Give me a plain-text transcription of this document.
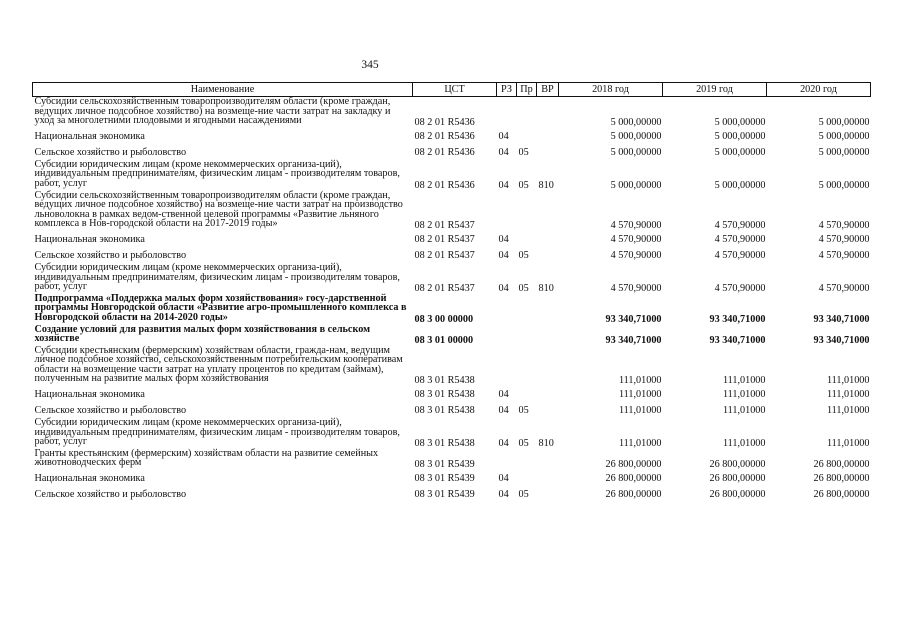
345
Наименование	ЦСТ	РЗ	Пр	ВР	2018 год	2019 год	2020 год
Субсидии сельскохозяйственным товаропроизводителям области (кроме граждан, ведущих личное подсобное хозяйство) на возмеще-ние части затрат на закладку и уход за многолетними плодовыми и ягодными насаждениями	08 2 01 R5436				5 000,00000	5 000,00000	5 000,00000
Национальная экономика	08 2 01 R5436	04			5 000,00000	5 000,00000	5 000,00000
Сельское хозяйство и рыболовство	08 2 01 R5436	04	05		5 000,00000	5 000,00000	5 000,00000
Субсидии юридическим лицам (кроме некоммерческих организа-ций), индивидуальным предпринимателям, физическим лицам - производителям товаров, работ, услуг	08 2 01 R5436	04	05	810	5 000,00000	5 000,00000	5 000,00000
Субсидии сельскохозяйственным товаропроизводителям области (кроме граждан, ведущих личное подсобное хозяйство) на возмеще-ние части затрат на производство льноволокна в рамках ведом-ственной целевой программы «Развитие льняного комплекса в Нов-городской области на 2017-2019 годы»	08 2 01 R5437				4 570,90000	4 570,90000	4 570,90000
Национальная экономика	08 2 01 R5437	04			4 570,90000	4 570,90000	4 570,90000
Сельское хозяйство и рыболовство	08 2 01 R5437	04	05		4 570,90000	4 570,90000	4 570,90000
Субсидии юридическим лицам (кроме некоммерческих организа-ций), индивидуальным предпринимателям, физическим лицам - производителям товаров, работ, услуг	08 2 01 R5437	04	05	810	4 570,90000	4 570,90000	4 570,90000
Подпрограмма «Поддержка малых форм хозяйствования» госу-дарственной программы Новгородской области «Развитие агро-промышленного комплекса в Новгородской области на 2014-2020 годы»	08 3 00 00000				93 340,71000	93 340,71000	93 340,71000
Создание условий для развития малых форм хозяйствования в сельском хозяйстве	08 3 01 00000				93 340,71000	93 340,71000	93 340,71000
Субсидии крестьянским (фермерским) хозяйствам области, гражда-нам, ведущим личное подсобное хозяйство, сельскохозяйственным потребительским кооперативам области на возмещение части затрат на уплату процентов по кредитам (займам), полученным на развитие малых форм хозяйствования	08 3 01 R5438				111,01000	111,01000	111,01000
Национальная экономика	08 3 01 R5438	04			111,01000	111,01000	111,01000
Сельское хозяйство и рыболовство	08 3 01 R5438	04	05		111,01000	111,01000	111,01000
Субсидии юридическим лицам (кроме некоммерческих организа-ций), индивидуальным предпринимателям, физическим лицам - производителям товаров, работ, услуг	08 3 01 R5438	04	05	810	111,01000	111,01000	111,01000
Гранты крестьянским (фермерским) хозяйствам области на развитие семейных животноводческих ферм	08 3 01 R5439				26 800,00000	26 800,00000	26 800,00000
Национальная экономика	08 3 01 R5439	04			26 800,00000	26 800,00000	26 800,00000
Сельское хозяйство и рыболовство	08 3 01 R5439	04	05		26 800,00000	26 800,00000	26 800,00000
